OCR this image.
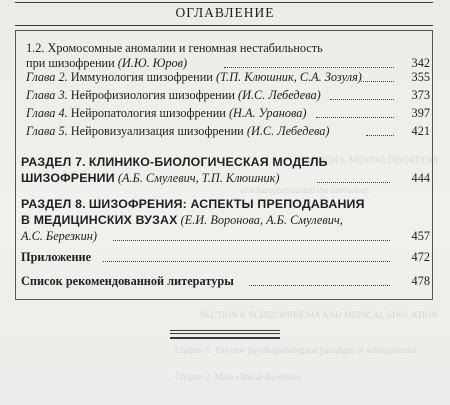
SECTION 6. MENTAL DISORDERS
of schizophrenia and the interaction
SECTION 8. SCHIZOPHRENIA AND MEDICAL EDUCATION
Chapter 1. The new psychopathological paradigm of schizophrenia
Chapter 2. Main clinical directions
ОГЛАВЛЕНИЕ
1.2. Хромосомные аномалии и геномная нестабильность
при шизофрении (И.Ю. Юров)	342
Глава 2. Иммунология шизофрении (Т.П. Клюшник, С.А. Зозуля)	355
Глава 3. Нейрофизиология шизофрении (И.С. Лебедева)	373
Глава 4. Нейропатология шизофрении (Н.А. Уранова)	397
Глава 5. Нейровизуализация шизофрении (И.С. Лебедева)	421
РАЗДЕЛ 7. КЛИНИКО-БИОЛОГИЧЕСКАЯ МОДЕЛЬ
ШИЗОФРЕНИИ (А.Б. Смулевич, Т.П. Клюшник)	444
РАЗДЕЛ 8. ШИЗОФРЕНИЯ: АСПЕКТЫ ПРЕПОДАВАНИЯ
В МЕДИЦИНСКИХ ВУЗАХ (Е.И. Воронова, А.Б. Смулевич,
А.С. Березкин)	457
Приложение	472
Список рекомендованной литературы	478
